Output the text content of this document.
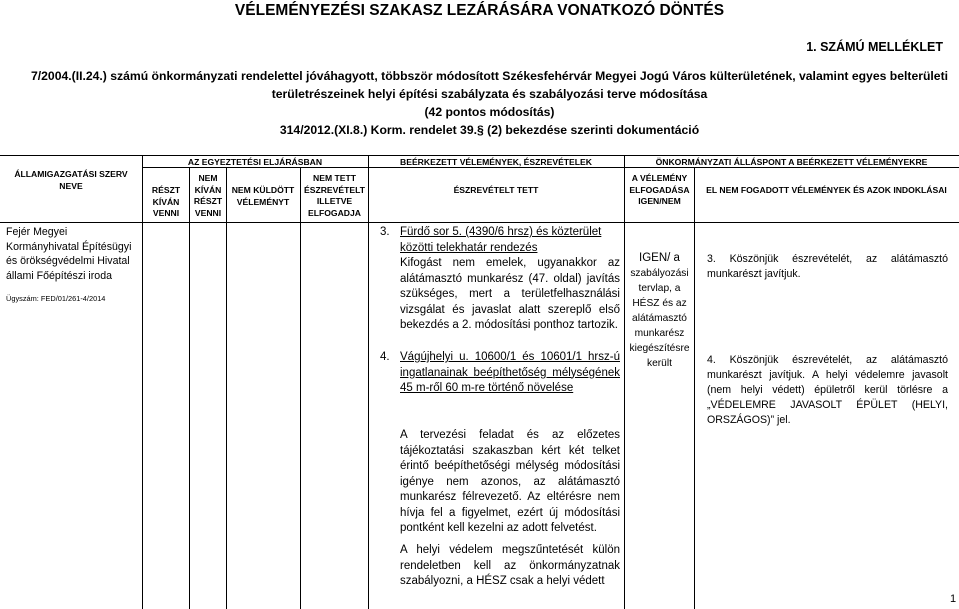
VÉLEMÉNYEZÉSI SZAKASZ LEZÁRÁSÁRA VONATKOZÓ DÖNTÉS
1. SZÁMÚ MELLÉKLET
7/2004.(II.24.) számú önkormányzati rendelettel jóváhagyott, többször módosított Székesfehérvár Megyei Jogú Város külterületének, valamint egyes belterületi
területrészeinek helyi építési szabályzata és szabályozási terve módosítása
(42 pontos módosítás)
314/2012.(XI.8.) Korm. rendelet 39.§ (2) bekezdése szerinti dokumentáció
ÁLLAMIGAZGATÁSI SZERV NEVE
AZ EGYEZTETÉSI ELJÁRÁSBAN	BEÉRKEZETT VÉLEMÉNYEK, ÉSZREVÉTELEK	ÖNKORMÁNYZATI ÁLLÁSPONT A BEÉRKEZETT VÉLEMÉNYEKRE
RÉSZT KÍVÁN VENNI
NEM KÍVÁN RÉSZT VENNI
NEM KÜLDÖTT VÉLEMÉNYT
NEM TETT ÉSZREVÉTELT ILLETVE ELFOGADJA
ÉSZREVÉTELT TETT
A VÉLEMÉNY ELFOGADÁSA IGEN/NEM
EL NEM FOGADOTT VÉLEMÉNYEK ÉS AZOK INDOKLÁSAI
Fejér Megyei Kormányhivatal Építésügyi és örökségvédelmi Hivatal állami Főépítészi iroda
Ügyszám: FED/01/261-4/2014
3. Fürdő sor 5. (4390/6 hrsz) és közterület
közötti telekhatár rendezés
Kifogást nem emelek, ugyanakkor az alátámasztó munkarész (47. oldal) javítás szükséges, mert a területfelhasználási vizsgálat és javaslat alatt szereplő első bekezdés a 2. módosítási ponthoz tartozik.
4. Vágújhelyi u. 10600/1 és 10601/1 hrsz-ú ingatlanainak beépíthetőség mélységének 45 m-ről 60 m-re történő növelése
A tervezési feladat és az előzetes tájékoztatási szakaszban kért két telket érintő beépíthetőségi mélység módosítási igénye nem azonos, az alátámasztó munkarész félrevezető. Az eltérésre nem hívja fel a figyelmet, ezért új módosítási pontként kell kezelni az adott felvetést.
A helyi védelem megszűntetését külön rendeletben kell az önkormányzatnak szabályozni, a HÉSZ csak a helyi védett
IGEN/ a
szabályozási tervlap, a HÉSZ és az alátámasztó munkarész kiegészítésre került
3. Köszönjük észrevételét, az alátámasztó munkarészt javítjuk.
4. Köszönjük észrevételét, az alátámasztó munkarészt javítjuk. A helyi védelemre javasolt (nem helyi védett) épületről kerül törlésre a „VÉDELEMRE JAVASOLT ÉPÜLET (HELYI, ORSZÁGOS)” jel.
1
